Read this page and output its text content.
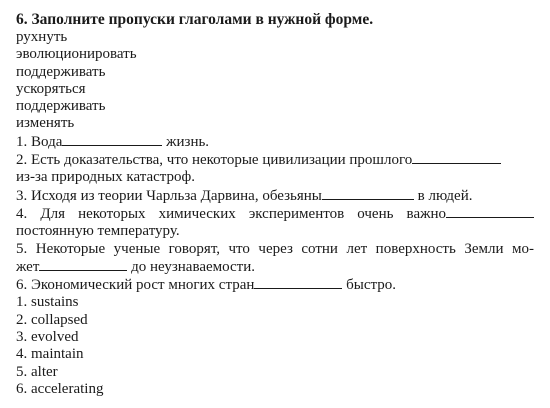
6. Заполните пропуски глаголами в нужной форме.

рухнуть

эволюционировать

поддерживать

ускоряться

поддерживать

изменять

1. Вода	жизнь.

2. Есть доказательства, что некоторые цивилизации прошлого

из-за природных катастроф.

3. Исходя из теории Чарльза Дарвина, обезьяны	в людей.

4. Для некоторых химических экспериментов очень важно

постоянную температуру.

5. Некоторые ученые говорят, что через сотни лет поверхность Земли мо-

жет	до неузнаваемости.

6. Экономический рост многих стран	быстро.

1. sustains

2. collapsed

3. evolved

4. maintain

5. alter

6. accelerating
